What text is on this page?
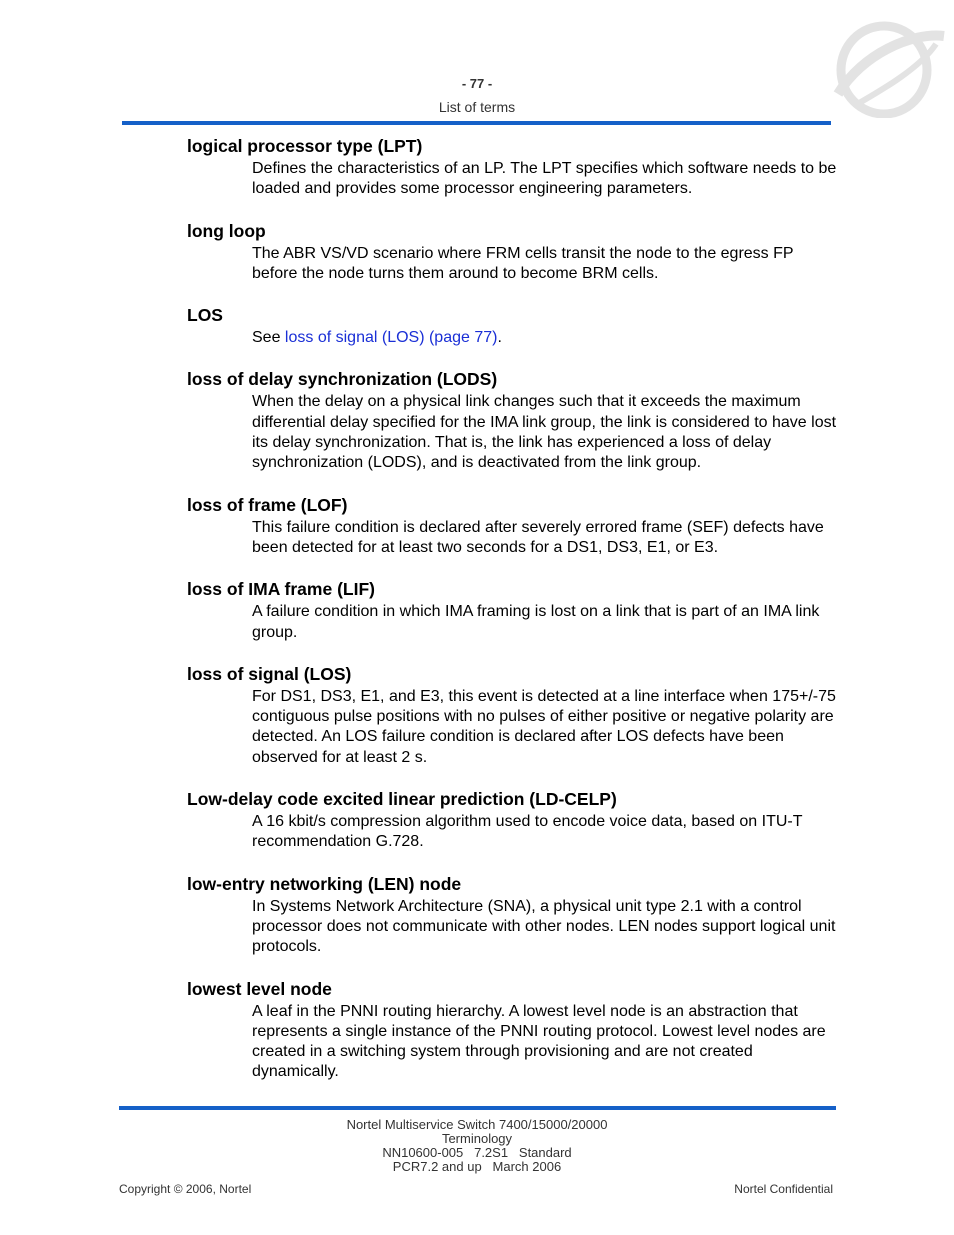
- 77 -
List of terms
logical processor type (LPT)

Defines the characteristics of an LP. The LPT specifies which software needs to be loaded and provides some processor engineering parameters.

long loop

The ABR VS/VD scenario where FRM cells transit the node to the egress FP before the node turns them around to become BRM cells.

LOS

See loss of signal (LOS) (page 77).

loss of delay synchronization (LODS)

When the delay on a physical link changes such that it exceeds the maximum differential delay specified for the IMA link group, the link is considered to have lost its delay synchronization. That is, the link has experienced a loss of delay synchronization (LODS), and is deactivated from the link group.

loss of frame (LOF)

This failure condition is declared after severely errored frame (SEF) defects have been detected for at least two seconds for a DS1, DS3, E1, or E3.

loss of IMA frame (LIF)

A failure condition in which IMA framing is lost on a link that is part of an IMA link group.

loss of signal (LOS)

For DS1, DS3, E1, and E3, this event is detected at a line interface when 175+/-75 contiguous pulse positions with no pulses of either positive or negative polarity are detected. An LOS failure condition is declared after LOS defects have been observed for at least 2 s.

Low-delay code excited linear prediction (LD-CELP)

A 16 kbit/s compression algorithm used to encode voice data, based on ITU-T recommendation G.728.

low-entry networking (LEN) node

In Systems Network Architecture (SNA), a physical unit type 2.1 with a control processor does not communicate with other nodes. LEN nodes support logical unit protocols.

lowest level node

A leaf in the PNNI routing hierarchy. A lowest level node is an abstraction that represents a single instance of the PNNI routing protocol. Lowest level nodes are created in a switching system through provisioning and are not created dynamically.

Nortel Multiservice Switch 7400/15000/20000
Terminology
NN10600-005   7.2S1   Standard
PCR7.2 and up   March 2006
Copyright © 2006, Nortel	Nortel Confidential
